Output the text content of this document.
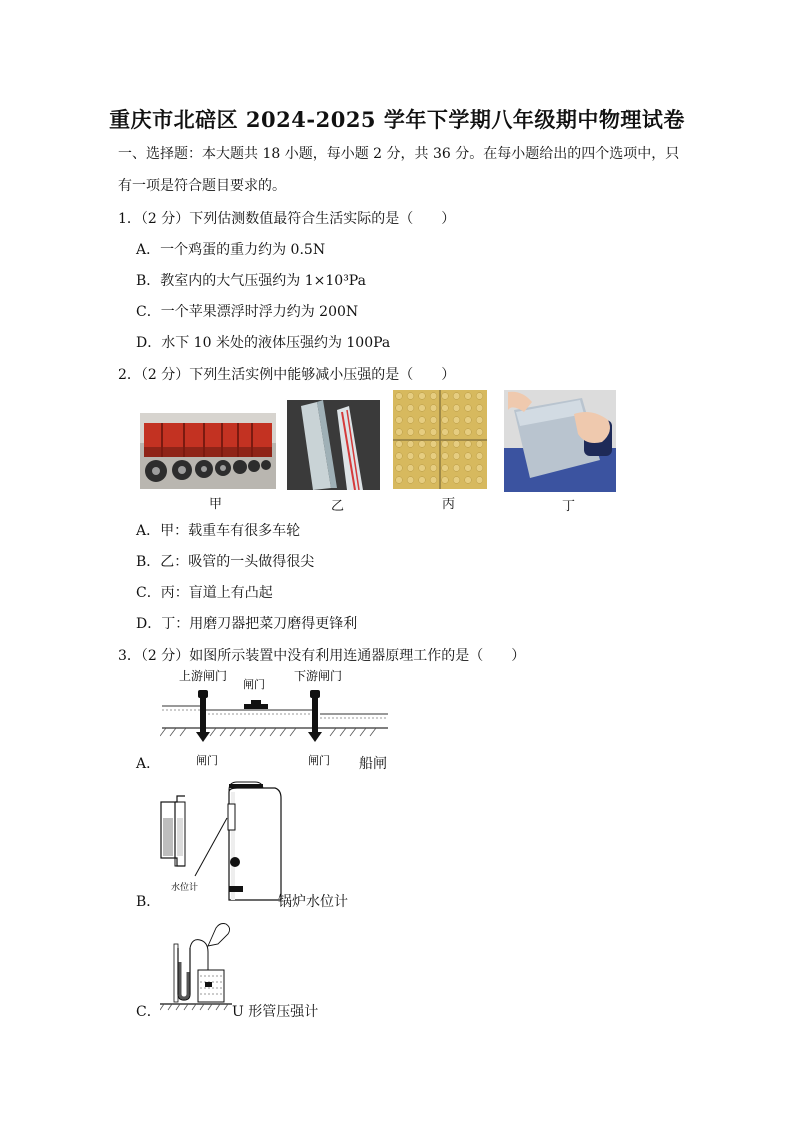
重庆市北碚区 2024-2025 学年下学期八年级期中物理试卷
一、选择题：本大题共 18 小题，每小题 2 分，共 36 分。在每小题给出的四个选项中，只
有一项是符合题目要求的。
1．（2 分）下列估测数值最符合生活实际的是（　　）
A．一个鸡蛋的重力约为 0.5N
B．教室内的大气压强约为 1×10³Pa
C．一个苹果漂浮时浮力约为 200N
D．水下 10 米处的液体压强约为 100Pa
2．（2 分）下列生活实例中能够减小压强的是（　　）
甲	乙	丙	丁
A．甲：载重车有很多车轮
B．乙：吸管的一头做得很尖
C．丙：盲道上有凸起
D．丁：用磨刀器把菜刀磨得更锋利
3．（2 分）如图所示装置中没有利用连通器原理工作的是（　　）
上游闸门
闸门
下游闸门
闸门	闸门
A．	船闸
水位计
B．	锅炉水位计
C．	U 形管压强计
